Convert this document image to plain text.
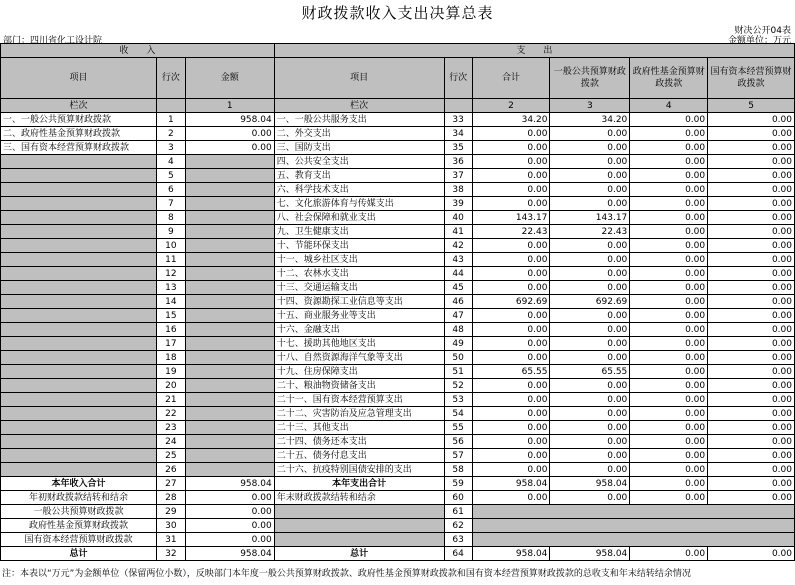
财政拨款收入支出决算总表
财决公开04表
金额单位：万元
部门：四川省化工设计院
收　　入			支　　出					
项目	行次	金额	项目	行次	合计	一般公共预算财政拨款	政府性基金预算财政拨款	国有资本经营预算财政拨款
栏次		1	栏次		2	3	4	5
一、一般公共预算财政拨款	1	958.04	一、一般公共服务支出	33	34.20	34.20	0.00	0.00
二、政府性基金预算财政拨款	2	0.00	二、外交支出	34	0.00	0.00	0.00	0.00
三、国有资本经营预算财政拨款	3	0.00	三、国防支出	35	0.00	0.00	0.00	0.00
	4		四、公共安全支出	36	0.00	0.00	0.00	0.00
	5		五、教育支出	37	0.00	0.00	0.00	0.00
	6		六、科学技术支出	38	0.00	0.00	0.00	0.00
	7		七、文化旅游体育与传媒支出	39	0.00	0.00	0.00	0.00
	8		八、社会保障和就业支出	40	143.17	143.17	0.00	0.00
	9		九、卫生健康支出	41	22.43	22.43	0.00	0.00
	10		十、节能环保支出	42	0.00	0.00	0.00	0.00
	11		十一、城乡社区支出	43	0.00	0.00	0.00	0.00
	12		十二、农林水支出	44	0.00	0.00	0.00	0.00
	13		十三、交通运输支出	45	0.00	0.00	0.00	0.00
	14		十四、资源勘探工业信息等支出	46	692.69	692.69	0.00	0.00
	15		十五、商业服务业等支出	47	0.00	0.00	0.00	0.00
	16		十六、金融支出	48	0.00	0.00	0.00	0.00
	17		十七、援助其他地区支出	49	0.00	0.00	0.00	0.00
	18		十八、自然资源海洋气象等支出	50	0.00	0.00	0.00	0.00
	19		十九、住房保障支出	51	65.55	65.55	0.00	0.00
	20		二十、粮油物资储备支出	52	0.00	0.00	0.00	0.00
	21		二十一、国有资本经营预算支出	53	0.00	0.00	0.00	0.00
	22		二十二、灾害防治及应急管理支出	54	0.00	0.00	0.00	0.00
	23		二十三、其他支出	55	0.00	0.00	0.00	0.00
	24		二十四、债务还本支出	56	0.00	0.00	0.00	0.00
	25		二十五、债务付息支出	57	0.00	0.00	0.00	0.00
	26		二十六、抗疫特别国债安排的支出	58	0.00	0.00	0.00	0.00
本年收入合计	27	958.04	本年支出合计	59	958.04	958.04	0.00	0.00
年初财政拨款结转和结余	28	0.00	年末财政拨款结转和结余	60	0.00	0.00	0.00	0.00
一般公共预算财政拨款	29	0.00		61				
政府性基金预算财政拨款	30	0.00		62				
国有资本经营预算财政拨款	31	0.00		63				
总计	32	958.04	总计	64	958.04	958.04	0.00	0.00
注：本表以“万元”为金额单位（保留两位小数），反映部门本年度一般公共预算财政拨款、政府性基金预算财政拨款和国有资本经营预算财政拨款的总收支和年末结转结余情况
